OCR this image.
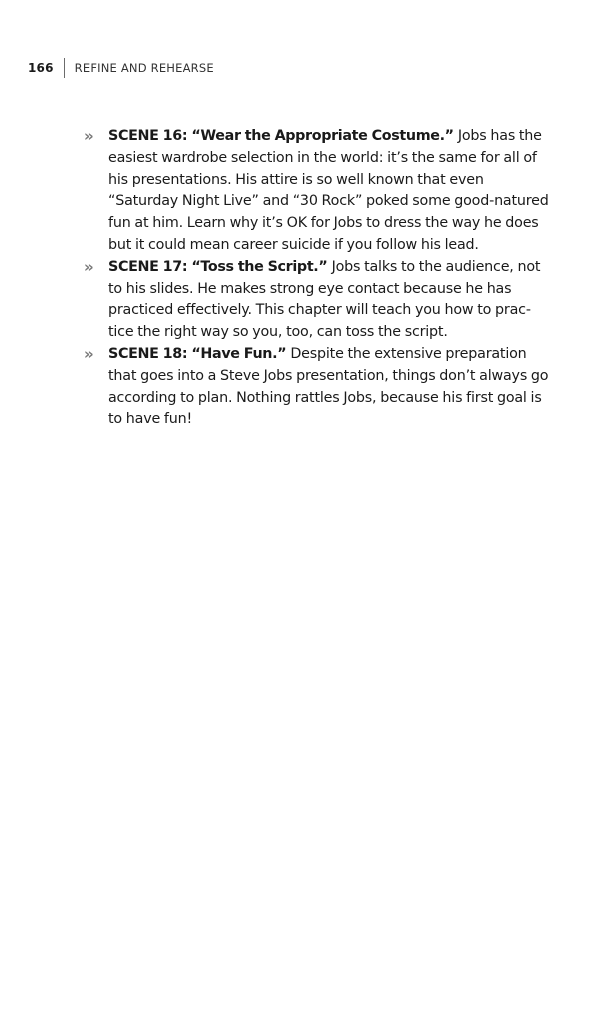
166 REFINE AND REHEARSE
» SCENE 16: “Wear the Appropriate Costume.” Jobs has the easiest wardrobe selection in the world: it’s the same for all of his presentations. His attire is so well known that even “Saturday Night Live” and “30 Rock” poked some good-natured fun at him. Learn why it’s OK for Jobs to dress the way he does but it could mean career suicide if you follow his lead.
» SCENE 17: “Toss the Script.” Jobs talks to the audience, not to his slides. He makes strong eye contact because he has practiced effectively. This chapter will teach you how to prac-tice the right way so you, too, can toss the script.
» SCENE 18: “Have Fun.” Despite the extensive preparation that goes into a Steve Jobs presentation, things don’t always go according to plan. Nothing rattles Jobs, because his first goal is to have fun!
